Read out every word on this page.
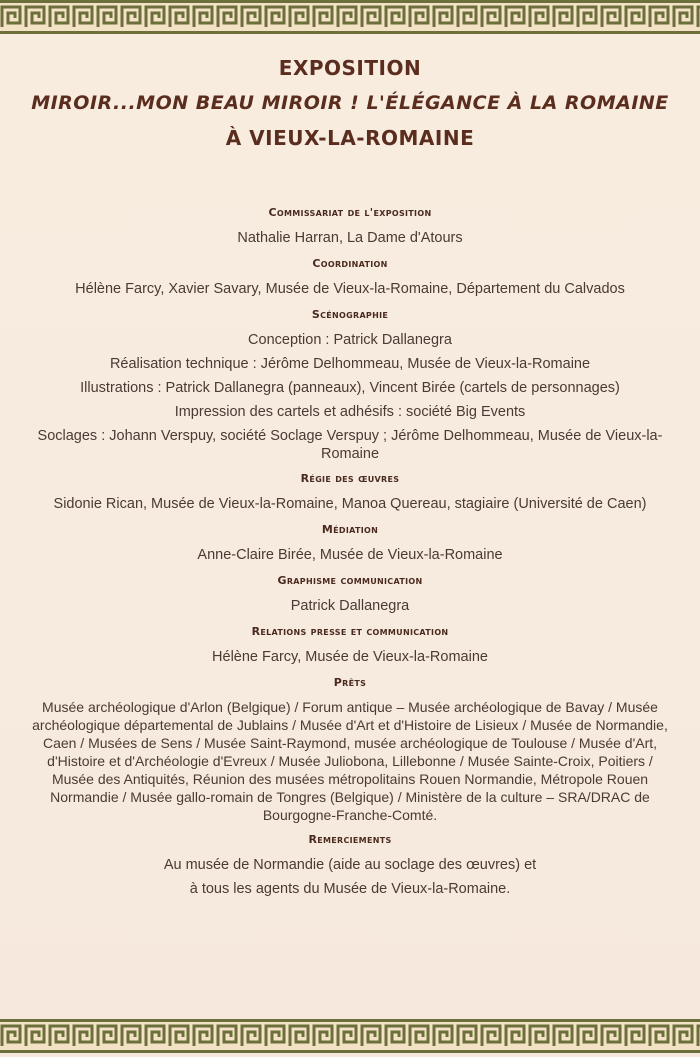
EXPOSITION
MIROIR...MON BEAU MIROIR ! L'ÉLÉGANCE À LA ROMAINE
À VIEUX-LA-ROMAINE
Commissariat de l'exposition
Nathalie Harran, La Dame d'Atours
Coordination
Hélène Farcy, Xavier Savary, Musée de Vieux-la-Romaine, Département du Calvados
Scénographie
Conception : Patrick Dallanegra
Réalisation technique : Jérôme Delhommeau, Musée de Vieux-la-Romaine
Illustrations : Patrick Dallanegra (panneaux), Vincent Birée (cartels de personnages)
Impression des cartels et adhésifs : société Big Events
Soclages : Johann Verspuy, société Soclage Verspuy ; Jérôme Delhommeau, Musée de Vieux-la-Romaine
Régie des œuvres
Sidonie Rican, Musée de Vieux-la-Romaine, Manoa Quereau, stagiaire (Université de Caen)
Médiation
Anne-Claire Birée, Musée de Vieux-la-Romaine
Graphisme communication
Patrick Dallanegra
Relations presse et communication
Hélène Farcy, Musée de Vieux-la-Romaine
Prêts
Musée archéologique d'Arlon (Belgique) / Forum antique – Musée archéologique de Bavay / Musée archéologique départemental de Jublains / Musée d'Art et d'Histoire de Lisieux / Musée de Normandie, Caen / Musées de Sens / Musée Saint-Raymond, musée archéologique de Toulouse / Musée d'Art, d'Histoire et d'Archéologie d'Evreux / Musée Juliobona, Lillebonne / Musée Sainte-Croix, Poitiers / Musée des Antiquités, Réunion des musées métropolitains Rouen Normandie, Métropole Rouen Normandie / Musée gallo-romain de Tongres (Belgique) / Ministère de la culture – SRA/DRAC de Bourgogne-Franche-Comté.
Remerciements
Au musée de Normandie (aide au soclage des œuvres) et
à tous les agents du Musée de Vieux-la-Romaine.
